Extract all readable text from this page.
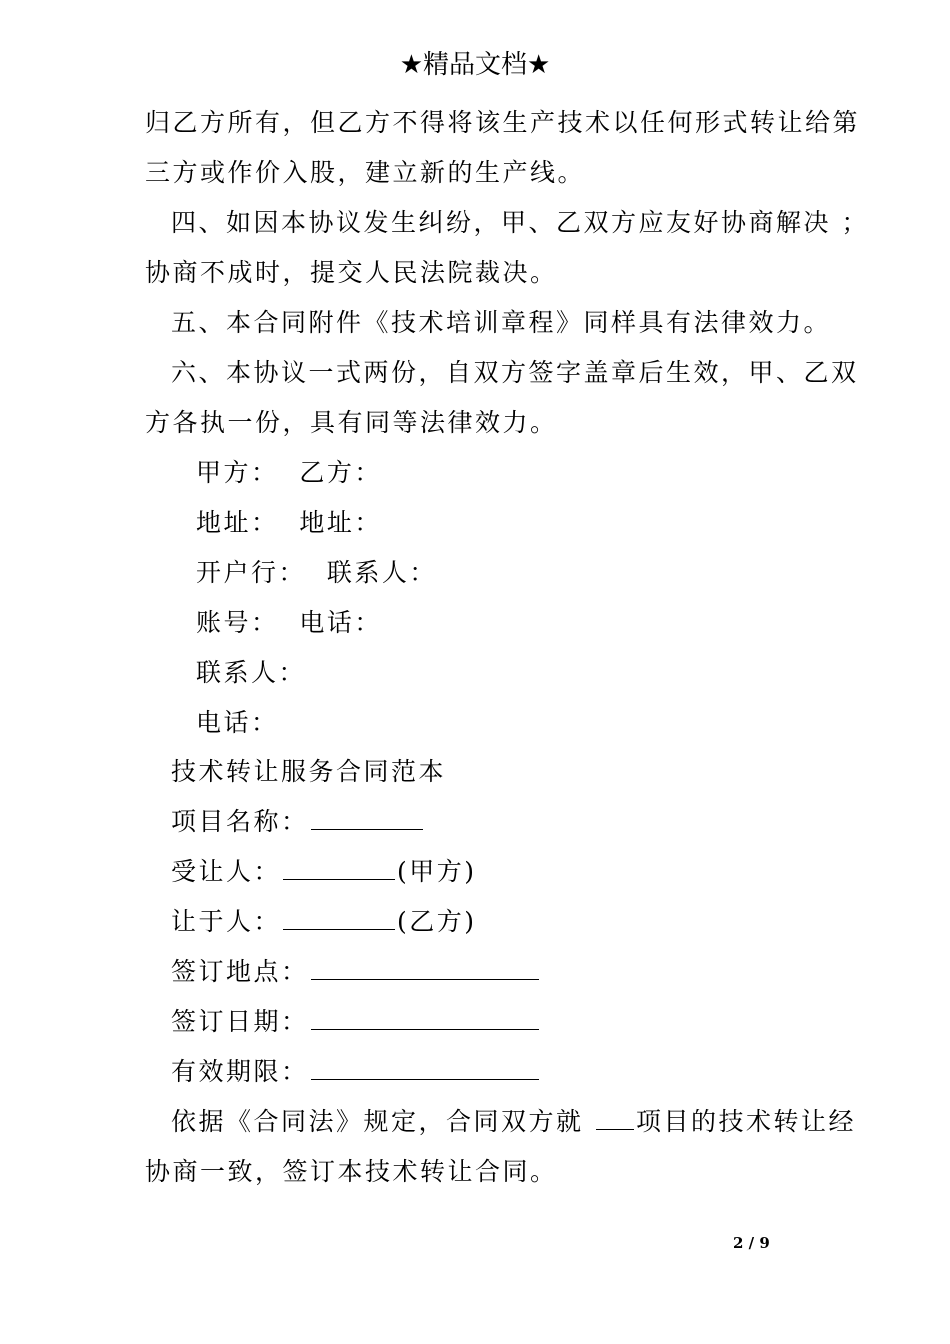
★精品文档★
归乙方所有，但乙方不得将该生产技术以任何形式转让给第
三方或作价入股，建立新的生产线。
四、如因本协议发生纠纷，甲、乙双方应友好协商解决 ；
协商不成时，提交人民法院裁决。
五、本合同附件《技术培训章程》同样具有法律效力。
六、本协议一式两份，自双方签字盖章后生效，甲、乙双
方各执一份，具有同等法律效力。
甲方：  乙方：
地址：  地址：
开户行：  联系人：
账号：  电话：
联系人：
电话：
技术转让服务合同范本
项目名称：
受让人：	(甲方)
让于人：	(乙方)
签订地点：
签订日期：
有效期限：
依据《合同法》规定，合同双方就 项目的技术转让经
协商一致，签订本技术转让合同。
2 / 9
